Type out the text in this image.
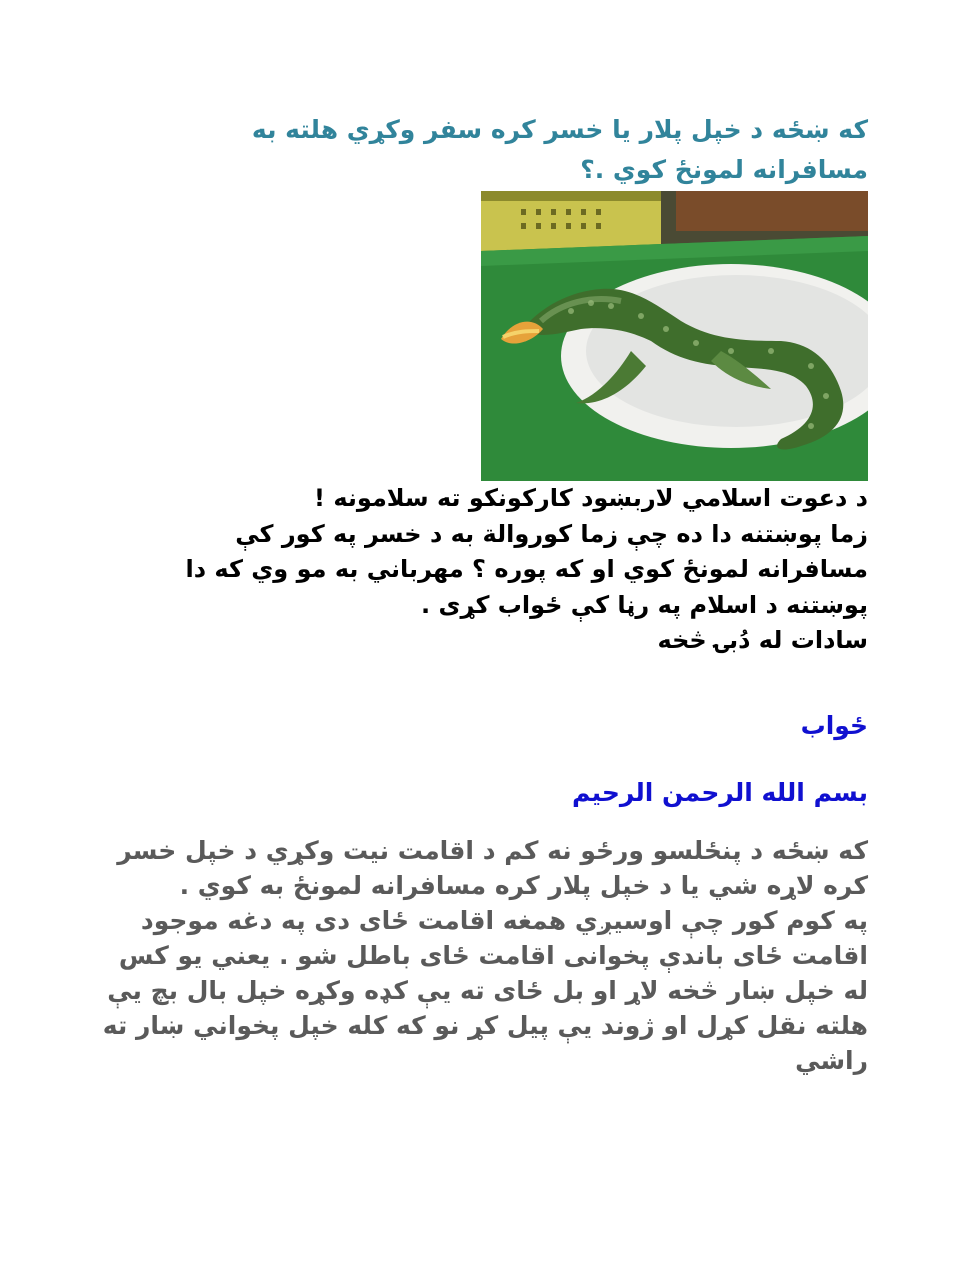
كه ښځه د خپل پلار يا خسر كره سفر وكړي هلته به مسافرانه لمونځ كوي .؟

د دعوت اسلامي لاربښود كاركونكو ته سلامونه !

زما پوښتنه دا ده چې زما كوروالة به د خسر په كور كې مسافرانه لمونځ كوي او كه پوره ؟ مهرباني به مو وي كه دا پوښتنه د اسلام په رڼا كې ځواب كړی .

سادات له دُبۍ څخه

ځواب
بسم الله الرحمن الرحيم

كه ښځه د پنځلسو ورځو نه كم د اقامت نيت وكړي د خپل خسر كره لاړه شي يا د خپل پلار كره مسافرانه لمونځ به كوي .

په كوم كور چې اوسيږي همغه اقامت ځاى دی په دغه موجود اقامت ځاى باندې پخوانى اقامت ځاى باطل شو . يعني يو كس له خپل ښار څخه لاړ او بل ځاى ته يې كډه وكړه خپل بال بچ يې هلته نقل كړل او ژوند يې پيل كړ نو كه كله خپل پخواني ښار ته راشي
